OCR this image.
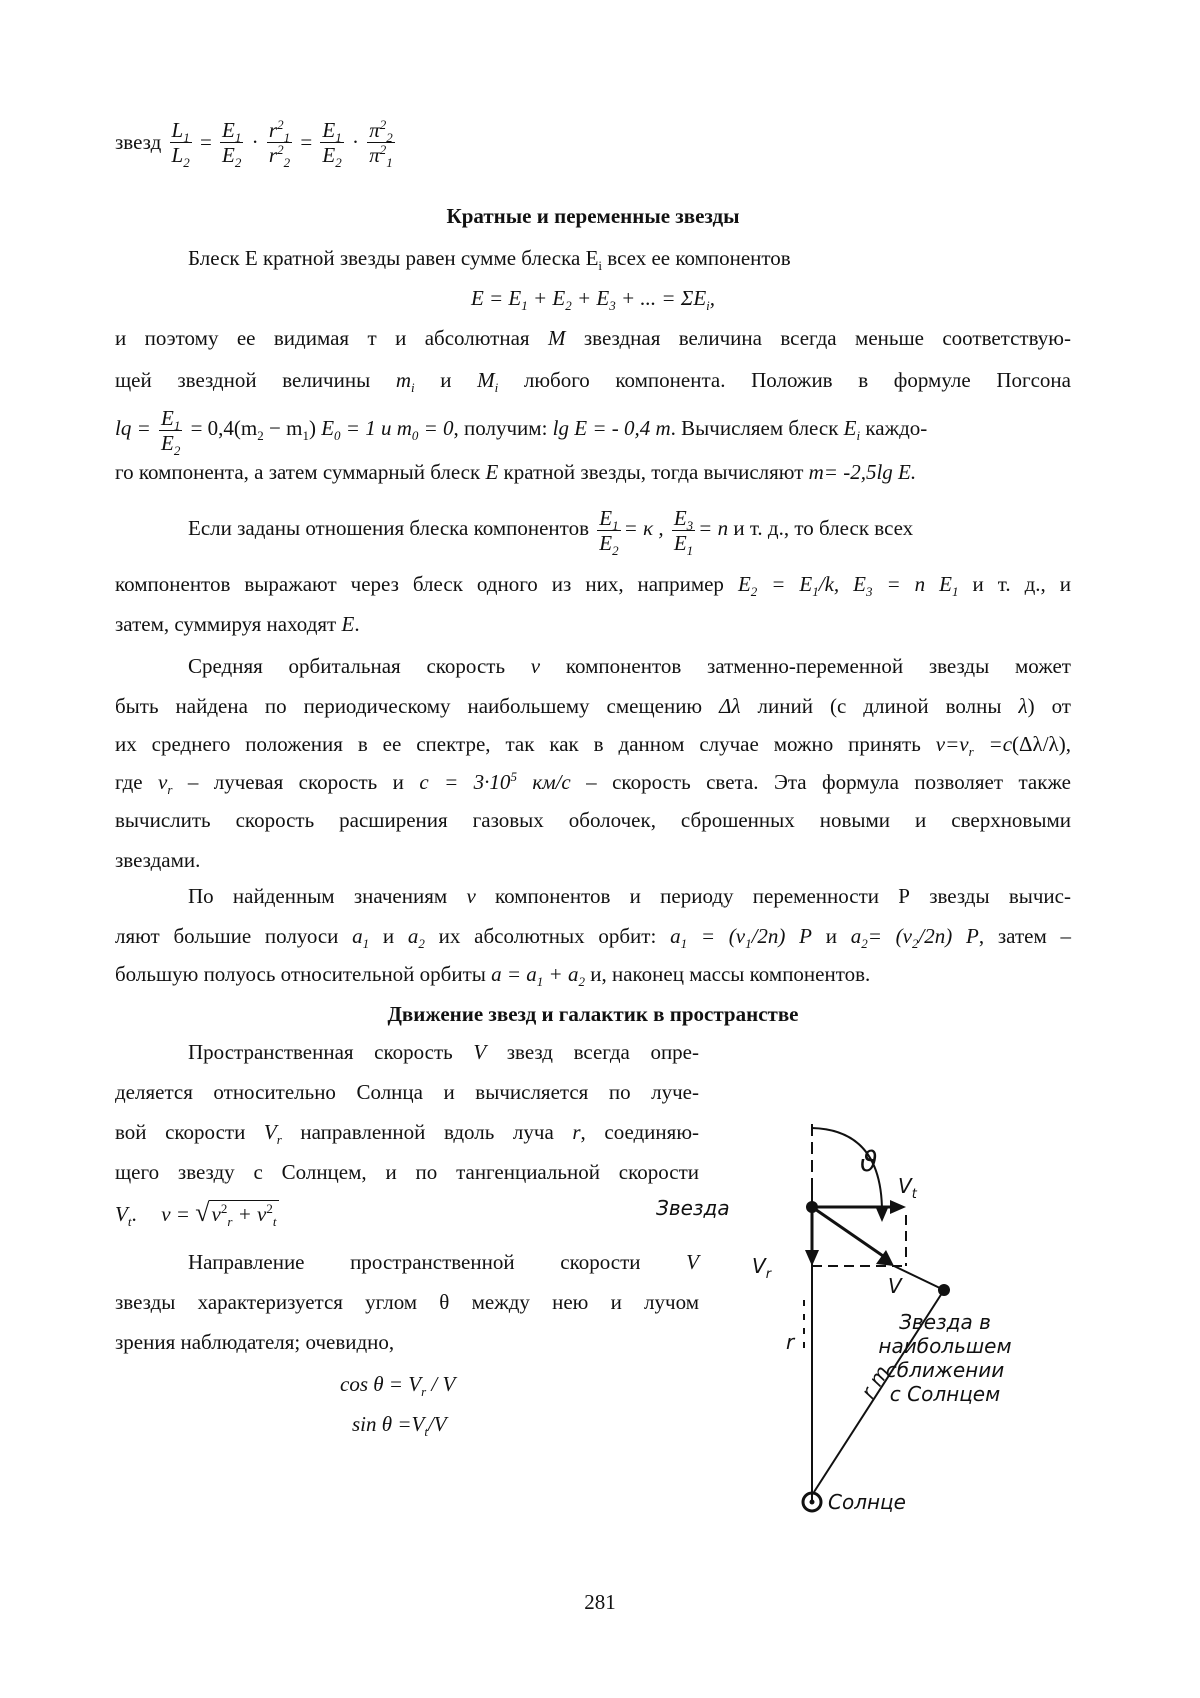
звезд $\frac{L_1}{L_2} = \frac{E_1}{E_2} \cdot \frac{r^2_1}{r^2_2} = \frac{E_1}{E_2} \cdot \frac{\pi^2_2}{\pi^2_1}$
Кратные и переменные звезды
Блеск Е кратной звезды равен сумме блеска $Е_i$ всех ее компонентов
$E = E_1 + E_2 + E_3$ + ... = $\Sigma E_i$,
и поэтому ее видимая т и абсолютная M звездная величина всегда меньше соответствую-
щей звездной величины $m_i$ и $M_i$ любого компонента. Положив в формуле Погсона
lq = $\frac{E_1}{E_2} = 0,4(m_2 - m_1) E_0 = 1$ и $m_0 = 0$, получим: lg E = - 0,4 m. Вычисляем блеск $E_i$ каждо-
го компонента, а затем суммарный блеск E кратной звезды, тогда вычисляют m= -2,5lg E.
Если заданы отношения блеска компонентов $\frac{E_1}{E_2} = \kappa$ , $\frac{E_3}{E_1} = n$ и т. д., то блеск всех
компонентов выражают через блеск одного из них, например $E_2 = E_1/k$, $E_3 = n$ $E_1$ и т. д., и
затем, суммируя находят E.
Средняя орбитальная скорость v компонентов затменно-переменной звезды может
быть найдена по периодическому наибольшему смещению Δλ линий (с длиной волны λ) от
их среднего положения в ее спектре, так как в данном случае можно принять $v=v_r =c(\Delta\lambda/\lambda)$,
где $v_r$ – лучевая скорость и $c = 3\cdot 10^5$ км/с – скорость света. Эта формула позволяет также
вычислить скорость расширения газовых оболочек, сброшенных новыми и сверхновыми
звездами.
По найденным значениям v компонентов и периоду переменности Р звезды вычис-
ляют большие полуоси $a_1$ и $a_2$ их абсолютных орбит: $a_1 = (v_1/2n)$ P и $a_2= (v_2/2n)$ P, затем –
большую полуось относительной орбиты $a = a_1 + a_2$ и, наконец массы компонентов.
Движение звезд и галактик в пространстве
Пространственная скорость V звезд всегда опре-
деляется относительно Солнца и вычисляется по луче-
вой скорости $V_r$ направленной вдоль луча r, соединяю-
щего звезду с Солнцем, и по тангенциальной скорости
$V_t$. $v = √v^2_r + v^2_t$
Направление пространственной скорости V
звезды характеризуется углом θ между нею и лучом
зрения наблюдателя; очевидно,
$\cos \theta = V_r / V$
$\sin \theta =V_t/V$
Звезда
ϑ
$V_t$
$V_r$	V
r
r m
Звезда в
наибольшем
сближении
с Солнцем
Солнце
281
